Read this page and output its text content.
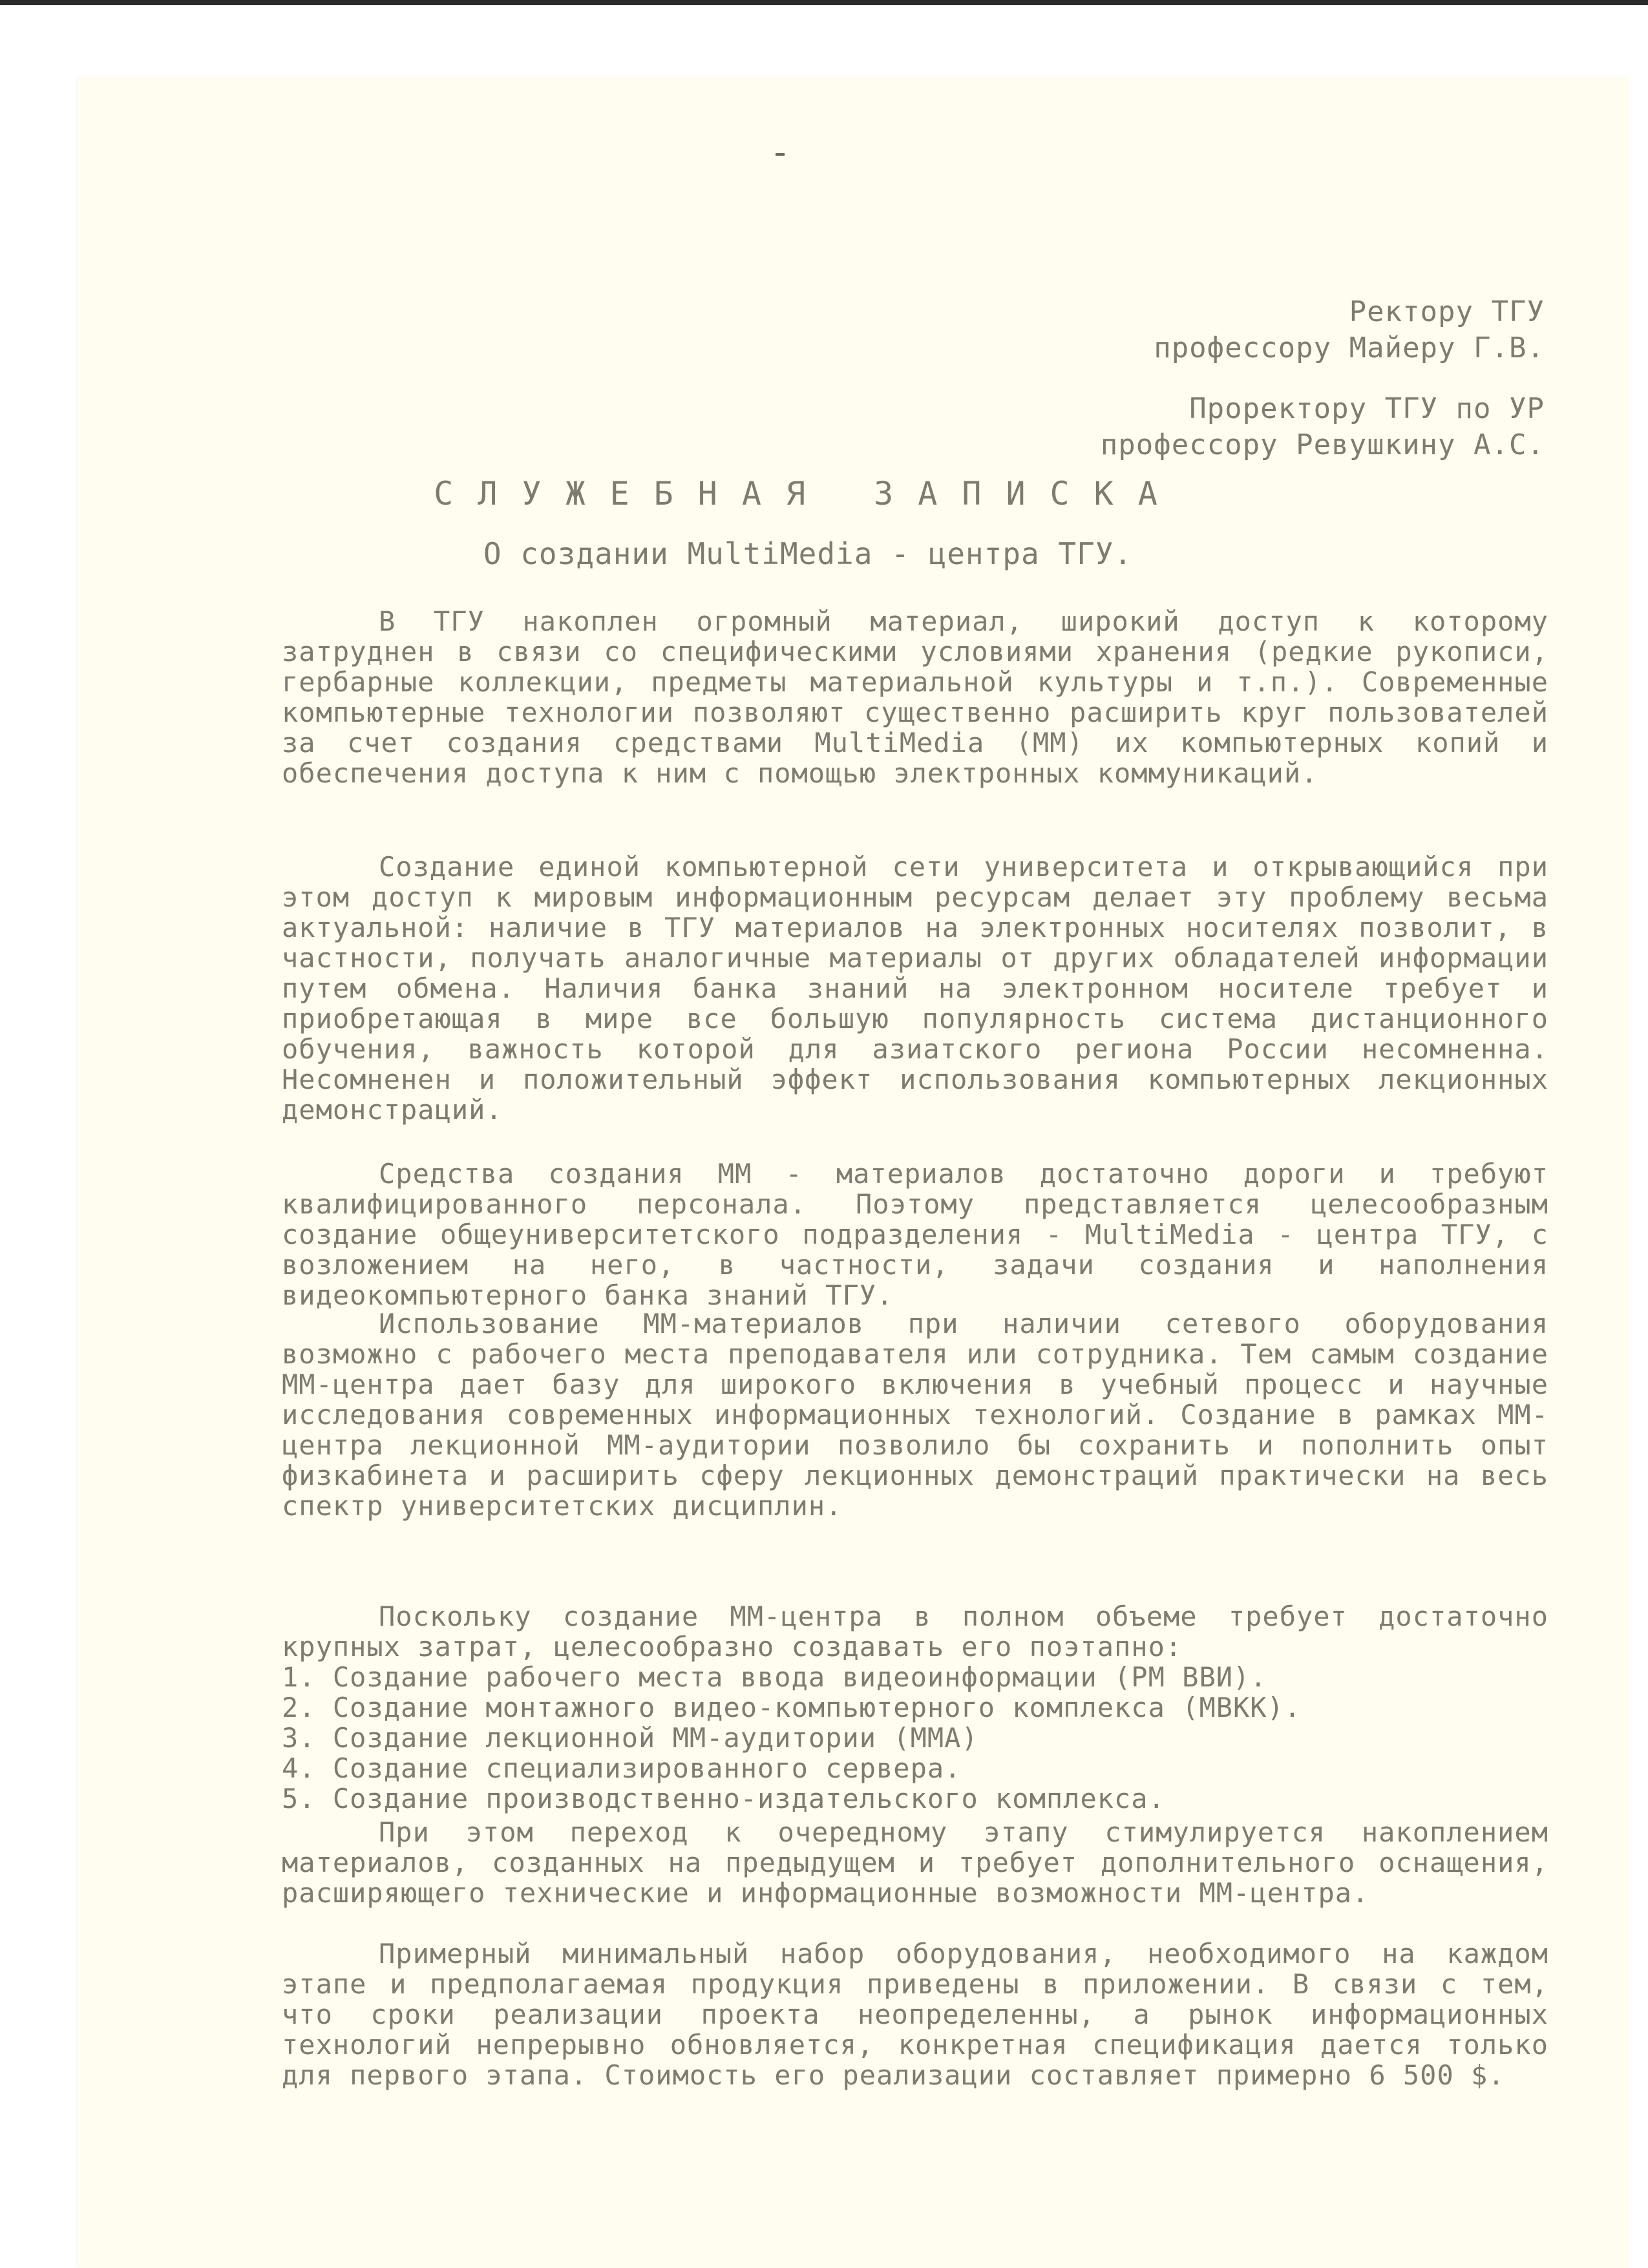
Ректору ТГУ
профессору Майеру Г.В.
Проректору ТГУ по УР
профессору Ревушкину А.С.
СЛУЖЕБНАЯ ЗАПИСКА
О создании MultiMedia - центра ТГУ.

В ТГУ накоплен огромный материал, широкий доступ к которому затруднен в связи со специфическими условиями хранения (редкие рукописи, гербарные коллекции, предметы материальной культуры и т.п.). Современные компьютерные технологии позволяют существенно расширить круг пользователей за счет создания средствами MultiMedia (ММ) их компьютерных копий и обеспечения доступа к ним с помощью электронных коммуникаций.

Создание единой компьютерной сети университета и открывающийся при этом доступ к мировым информационным ресурсам делает эту проблему весьма актуальной: наличие в ТГУ материалов на электронных носителях позволит, в частности, получать аналогичные материалы от других обладателей информации путем обмена. Наличия банка знаний на электронном носителе требует и приобретающая в мире все большую популярность система дистанционного обучения, важность которой для азиатского региона России несомненна. Несомненен и положительный эффект использования компьютерных лекционных демонстраций.

Средства создания ММ - материалов достаточно дороги и требуют квалифицированного персонала. Поэтому представляется целесообразным создание общеуниверситетского подразделения - MultiMedia - центра ТГУ, с возложением на него, в частности, задачи создания и наполнения видеокомпьютерного банка знаний ТГУ.

Использование ММ-материалов при наличии сетевого оборудования возможно с рабочего места преподавателя или сотрудника. Тем самым создание ММ-центра дает базу для широкого включения в учебный процесс и научные исследования современных информационных технологий. Создание в рамках ММ-центра лекционной ММ-аудитории позволило бы сохранить и пополнить опыт физкабинета и расширить сферу лекционных демонстраций практически на весь спектр университетских дисциплин.

Поскольку создание ММ-центра в полном объеме требует достаточно крупных затрат, целесообразно создавать его поэтапно:

1. Создание рабочего места ввода видеоинформации (РМ ВВИ).
2. Создание монтажного видео-компьютерного комплекса (МВКК).
3. Создание лекционной ММ-аудитории (ММА)
4. Создание специализированного сервера.
5. Создание производственно-издательского комплекса.

При этом переход к очередному этапу стимулируется накоплением материалов, созданных на предыдущем и требует дополнительного оснащения, расширяющего технические и информационные возможности ММ-центра.

Примерный минимальный набор оборудования, необходимого на каждом этапе и предполагаемая продукция приведены в приложении. В связи с тем, что сроки реализации проекта неопределенны, а рынок информационных технологий непрерывно обновляется, конкретная спецификация дается только для первого этапа. Стоимость его реализации составляет примерно 6 500 $.
